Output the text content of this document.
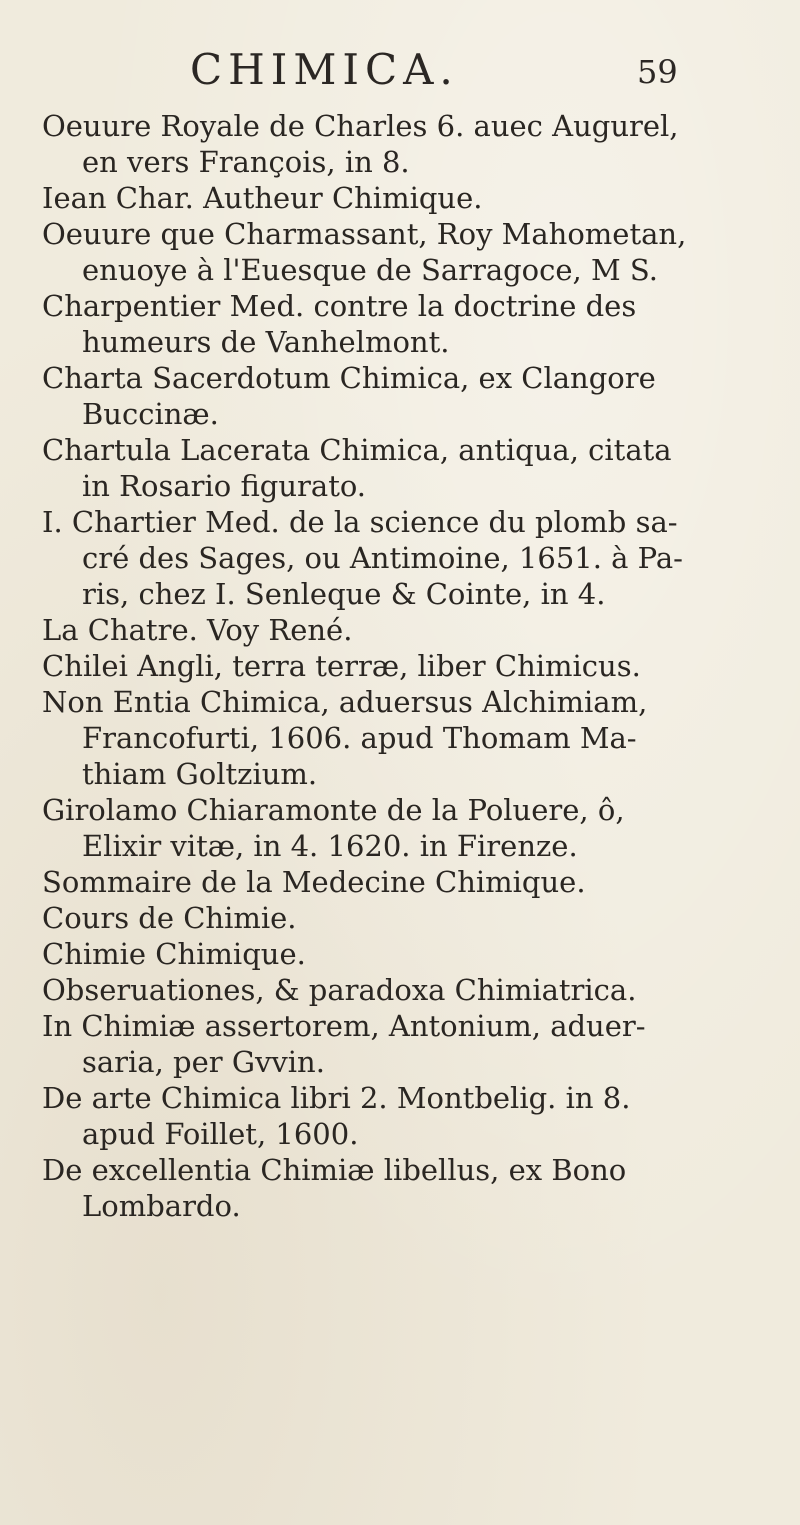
CHIMICA.	59
Oeuure Royale de Charles 6. auec Augurel,
en vers François, in 8.
Iean Char. Autheur Chimique.
Oeuure que Charmassant, Roy Mahometan,
enuoye à l'Euesque de Sarragoce, M S.
Charpentier Med. contre la doctrine des
humeurs de Vanhelmont.
Charta Sacerdotum Chimica, ex Clangore
Buccinæ.
Chartula Lacerata Chimica, antiqua, citata
in Rosario figurato.
I. Chartier Med. de la science du plomb sa-
cré des Sages, ou Antimoine, 1651. à Pa-
ris, chez I. Senleque & Cointe, in 4.
La Chatre. Voy René.
Chilei Angli, terra terræ, liber Chimicus.
Non Entia Chimica, aduersus Alchimiam,
Francofurti, 1606. apud Thomam Ma-
thiam Goltzium.
Girolamo Chiaramonte de la Poluere, ô,
Elixir vitæ, in 4. 1620. in Firenze.
Sommaire de la Medecine Chimique.
Cours de Chimie.
Chimie Chimique.
Obseruationes, & paradoxa Chimiatrica.
In Chimiæ assertorem, Antonium, aduer-
saria, per Gvvin.
De arte Chimica libri 2. Montbelig. in 8.
apud Foillet, 1600.
De excellentia Chimiæ libellus, ex Bono
Lombardo.
